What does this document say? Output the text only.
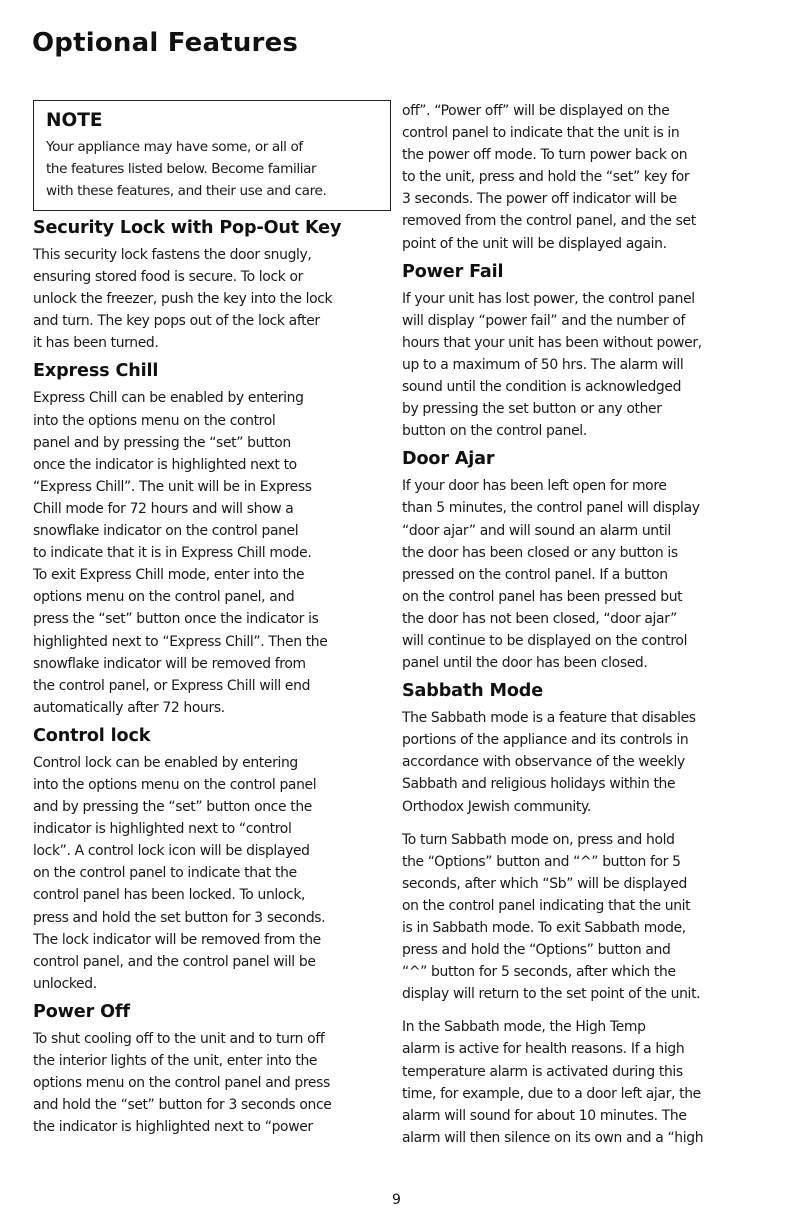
Optional Features
NOTE
Your appliance may have some, or all of
the features listed below. Become familiar
with these features, and their use and care.
Security Lock with Pop-Out Key

This security lock fastens the door snugly,
ensuring stored food is secure. To lock or
unlock the freezer, push the key into the lock
and turn. The key pops out of the lock after
it has been turned.

Express Chill

Express Chill can be enabled by entering
into the options menu on the control
panel and by pressing the “set” button
once the indicator is highlighted next to
“Express Chill”. The unit will be in Express
Chill mode for 72 hours and will show a
snowflake indicator on the control panel
to indicate that it is in Express Chill mode.
To exit Express Chill mode, enter into the
options menu on the control panel, and
press the “set” button once the indicator is
highlighted next to “Express Chill”. Then the
snowflake indicator will be removed from
the control panel, or Express Chill will end
automatically after 72 hours.

Control lock

Control lock can be enabled by entering
into the options menu on the control panel
and by pressing the “set” button once the
indicator is highlighted next to “control
lock”. A control lock icon will be displayed
on the control panel to indicate that the
control panel has been locked. To unlock,
press and hold the set button for 3 seconds.
The lock indicator will be removed from the
control panel, and the control panel will be
unlocked.

Power Off

To shut cooling off to the unit and to turn off
the interior lights of the unit, enter into the
options menu on the control panel and press
and hold the “set” button for 3 seconds once
the indicator is highlighted next to “power

off”. “Power off” will be displayed on the
control panel to indicate that the unit is in
the power off mode. To turn power back on
to the unit, press and hold the “set” key for
3 seconds. The power off indicator will be
removed from the control panel, and the set
point of the unit will be displayed again.

Power Fail

If your unit has lost power, the control panel
will display “power fail” and the number of
hours that your unit has been without power,
up to a maximum of 50 hrs. The alarm will
sound until the condition is acknowledged
by pressing the set button or any other
button on the control panel.

Door Ajar

If your door has been left open for more
than 5 minutes, the control panel will display
“door ajar” and will sound an alarm until
the door has been closed or any button is
pressed on the control panel. If a button
on the control panel has been pressed but
the door has not been closed, “door ajar”
will continue to be displayed on the control
panel until the door has been closed.

Sabbath Mode

The Sabbath mode is a feature that disables
portions of the appliance and its controls in
accordance with observance of the weekly
Sabbath and religious holidays within the
Orthodox Jewish community.

To turn Sabbath mode on, press and hold
the “Options” button and “^” button for 5
seconds, after which “Sb” will be displayed
on the control panel indicating that the unit
is in Sabbath mode. To exit Sabbath mode,
press and hold the “Options” button and
“^” button for 5 seconds, after which the
display will return to the set point of the unit.

In the Sabbath mode, the High Temp
alarm is active for health reasons. If a high
temperature alarm is activated during this
time, for example, due to a door left ajar, the
alarm will sound for about 10 minutes. The
alarm will then silence on its own and a “high

9
